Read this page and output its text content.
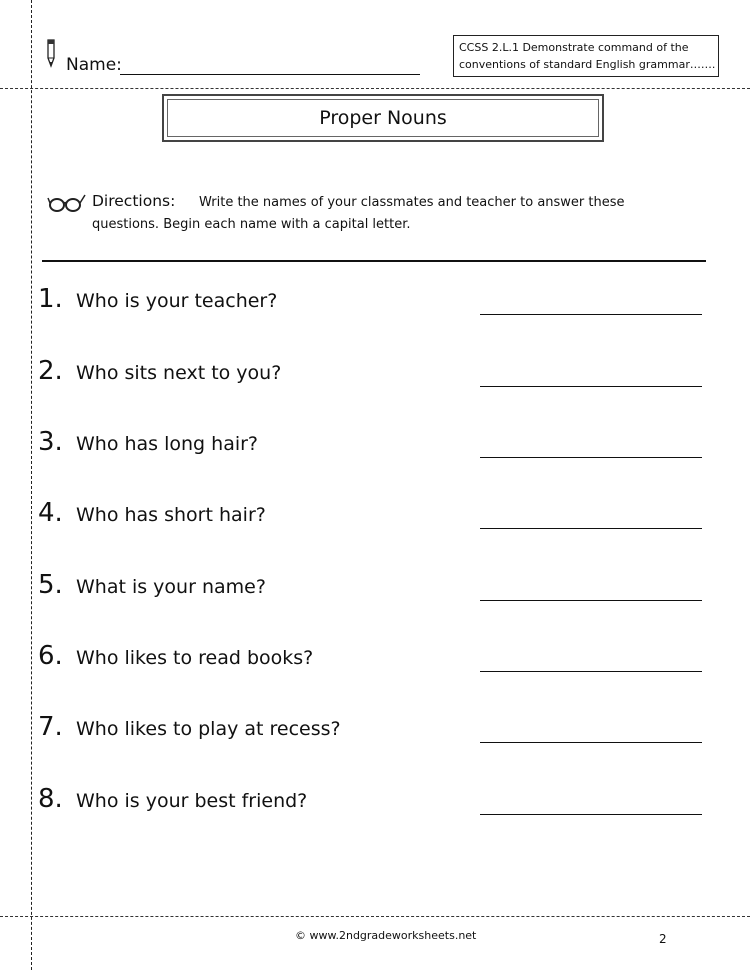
Name:
CCSS 2.L.1 Demonstrate command of the
conventions of standard English grammar…….
Proper Nouns
Directions: Write the names of your classmates and teacher to answer these
questions. Begin each name with a capital letter.
1. Who is your teacher?
2. Who sits next to you?
3. Who has long hair?
4. Who has short hair?
5. What is your name?
6. Who likes to read books?
7. Who likes to play at recess?
8. Who is your best friend?
© www.2ndgradeworksheets.net	2
